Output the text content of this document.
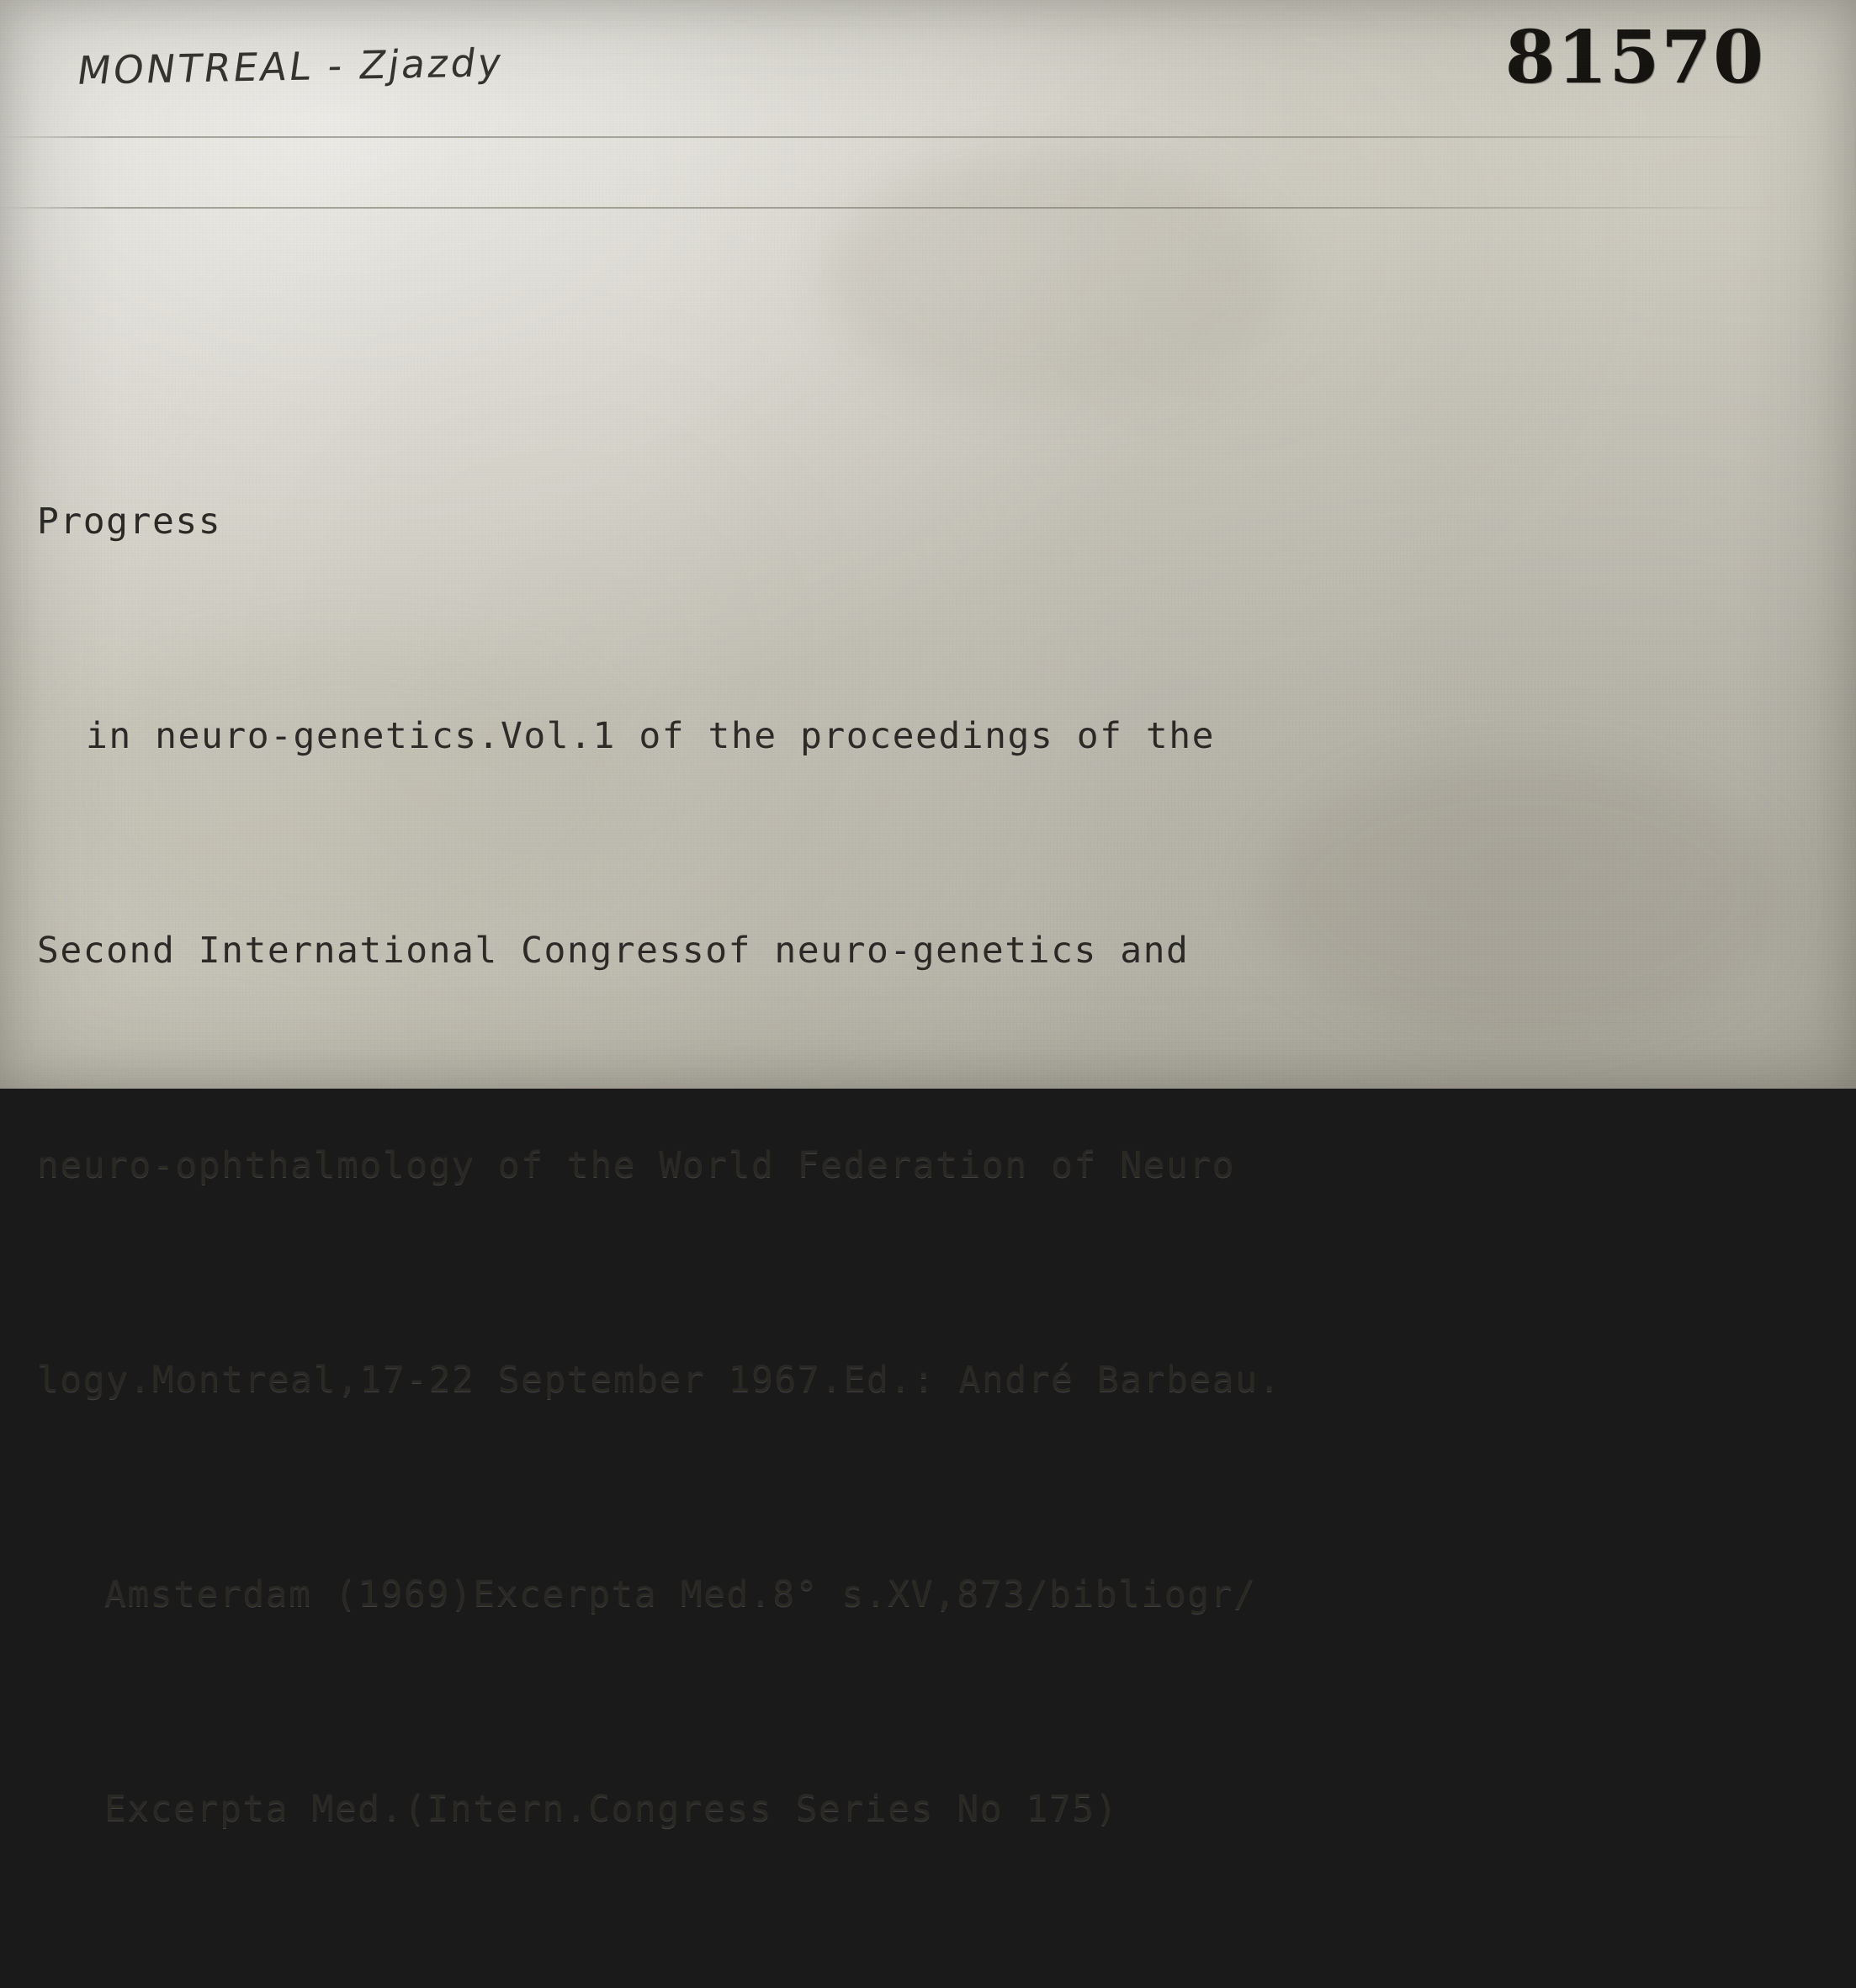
MONTREAL - Zjazdy	81570

Progress

in neuro-genetics.Vol.1 of the proceedings of the

Second International Congressof neuro-genetics and

neuro-ophthalmology of the World Federation of Neuro

logy.Montreal,17-22 September 1967.Ed.: André Barbeau.

Amsterdam (1969)Excerpta Med.8° s.XV,873/bibliogr/

Excerpta Med.(Intern.Congress Series No 175)
